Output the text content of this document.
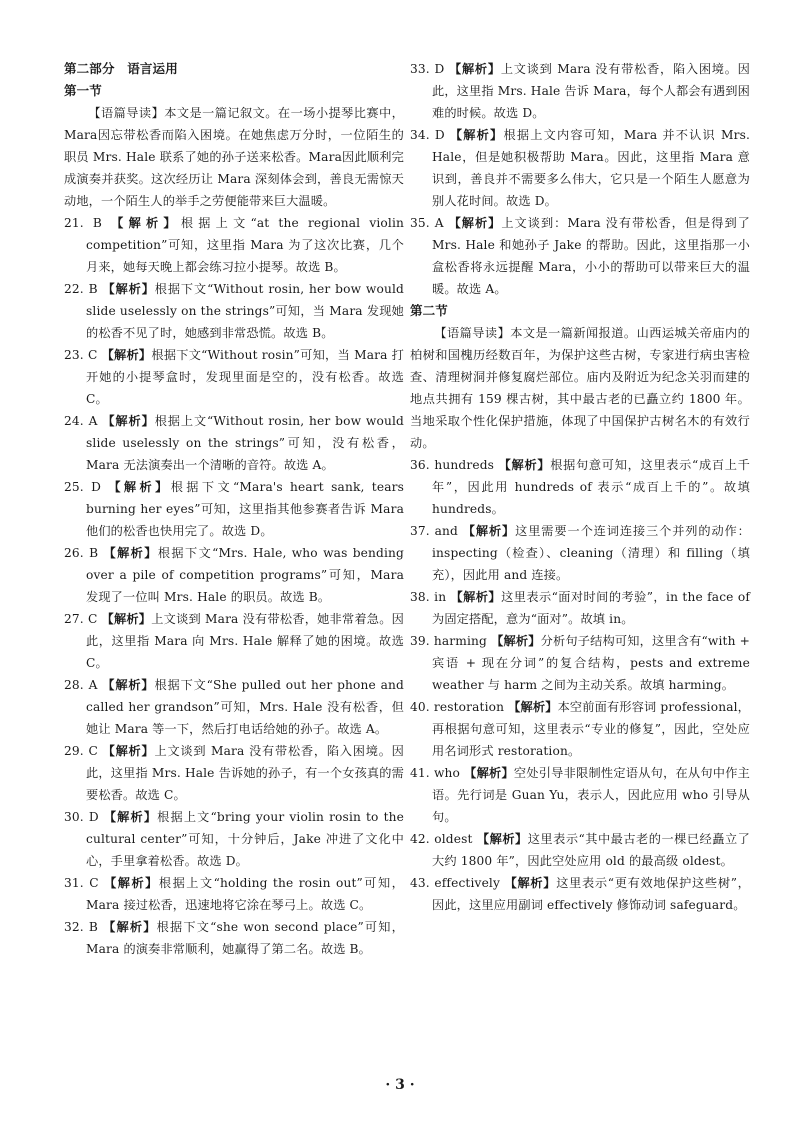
第二部分　语言运用
第一节

【语篇导读】本文是一篇记叙文。在一场小提琴比赛中，Mara因忘带松香而陷入困境。在她焦虑万分时，一位陌生的职员 Mrs. Hale 联系了她的孙子送来松香。Mara因此顺利完成演奏并获奖。这次经历让 Mara 深刻体会到，善良无需惊天动地，一个陌生人的举手之劳便能带来巨大温暖。

21. B 【解析】根据上文“at the regional violin competition”可知，这里指 Mara 为了这次比赛，几个月来，她每天晚上都会练习拉小提琴。故选 B。

22. B 【解析】根据下文“Without rosin, her bow would slide uselessly on the strings”可知，当 Mara 发现她的松香不见了时，她感到非常恐慌。故选 B。

23. C 【解析】根据下文“Without rosin”可知，当 Mara 打开她的小提琴盒时，发现里面是空的，没有松香。故选 C。

24. A 【解析】根据上文“Without rosin, her bow would slide uselessly on the strings”可知，没有松香，Mara 无法演奏出一个清晰的音符。故选 A。

25. D 【解析】根据下文“Mara's heart sank, tears burning her eyes”可知，这里指其他参赛者告诉 Mara 他们的松香也快用完了。故选 D。

26. B 【解析】根据下文“Mrs. Hale, who was bending over a pile of competition programs”可知，Mara 发现了一位叫 Mrs. Hale 的职员。故选 B。

27. C 【解析】上文谈到 Mara 没有带松香，她非常着急。因此，这里指 Mara 向 Mrs. Hale 解释了她的困境。故选 C。

28. A 【解析】根据下文“She pulled out her phone and called her grandson”可知，Mrs. Hale 没有松香，但她让 Mara 等一下，然后打电话给她的孙子。故选 A。

29. C 【解析】上文谈到 Mara 没有带松香，陷入困境。因此，这里指 Mrs. Hale 告诉她的孙子，有一个女孩真的需要松香。故选 C。

30. D 【解析】根据上文“bring your violin rosin to the cultural center”可知，十分钟后，Jake 冲进了文化中心，手里拿着松香。故选 D。

31. C 【解析】根据上文“holding the rosin out”可知，Mara 接过松香，迅速地将它涂在琴弓上。故选 C。

32. B 【解析】根据下文“she won second place”可知，Mara 的演奏非常顺利，她赢得了第二名。故选 B。

33. D 【解析】上文谈到 Mara 没有带松香，陷入困境。因此，这里指 Mrs. Hale 告诉 Mara，每个人都会有遇到困难的时候。故选 D。

34. D 【解析】根据上文内容可知，Mara 并不认识 Mrs. Hale，但是她积极帮助 Mara。因此，这里指 Mara 意识到，善良并不需要多么伟大，它只是一个陌生人愿意为别人花时间。故选 D。

35. A 【解析】上文谈到：Mara 没有带松香，但是得到了 Mrs. Hale 和她孙子 Jake 的帮助。因此，这里指那一小盒松香将永远提醒 Mara，小小的帮助可以带来巨大的温暖。故选 A。

第二节

【语篇导读】本文是一篇新闻报道。山西运城关帝庙内的柏树和国槐历经数百年，为保护这些古树，专家进行病虫害检查、清理树洞并修复腐烂部位。庙内及附近为纪念关羽而建的地点共拥有 159 棵古树，其中最古老的已矗立约 1800 年。当地采取个性化保护措施，体现了中国保护古树名木的有效行动。

36. hundreds 【解析】根据句意可知，这里表示“成百上千年”，因此用 hundreds of 表示“成百上千的”。故填 hundreds。

37. and 【解析】这里需要一个连词连接三个并列的动作：inspecting（检查）、cleaning（清理）和 filling（填充），因此用 and 连接。

38. in 【解析】这里表示“面对时间的考验”，in the face of 为固定搭配，意为“面对”。故填 in。

39. harming 【解析】分析句子结构可知，这里含有“with + 宾语 + 现在分词”的复合结构，pests and extreme weather 与 harm 之间为主动关系。故填 harming。

40. restoration 【解析】本空前面有形容词 professional，再根据句意可知，这里表示“专业的修复”，因此，空处应用名词形式 restoration。

41. who 【解析】空处引导非限制性定语从句，在从句中作主语。先行词是 Guan Yu，表示人，因此应用 who 引导从句。

42. oldest 【解析】这里表示“其中最古老的一棵已经矗立了大约 1800 年”，因此空处应用 old 的最高级 oldest。

43. effectively 【解析】这里表示“更有效地保护这些树”，因此，这里应用副词 effectively 修饰动词 safeguard。

· 3 ·
